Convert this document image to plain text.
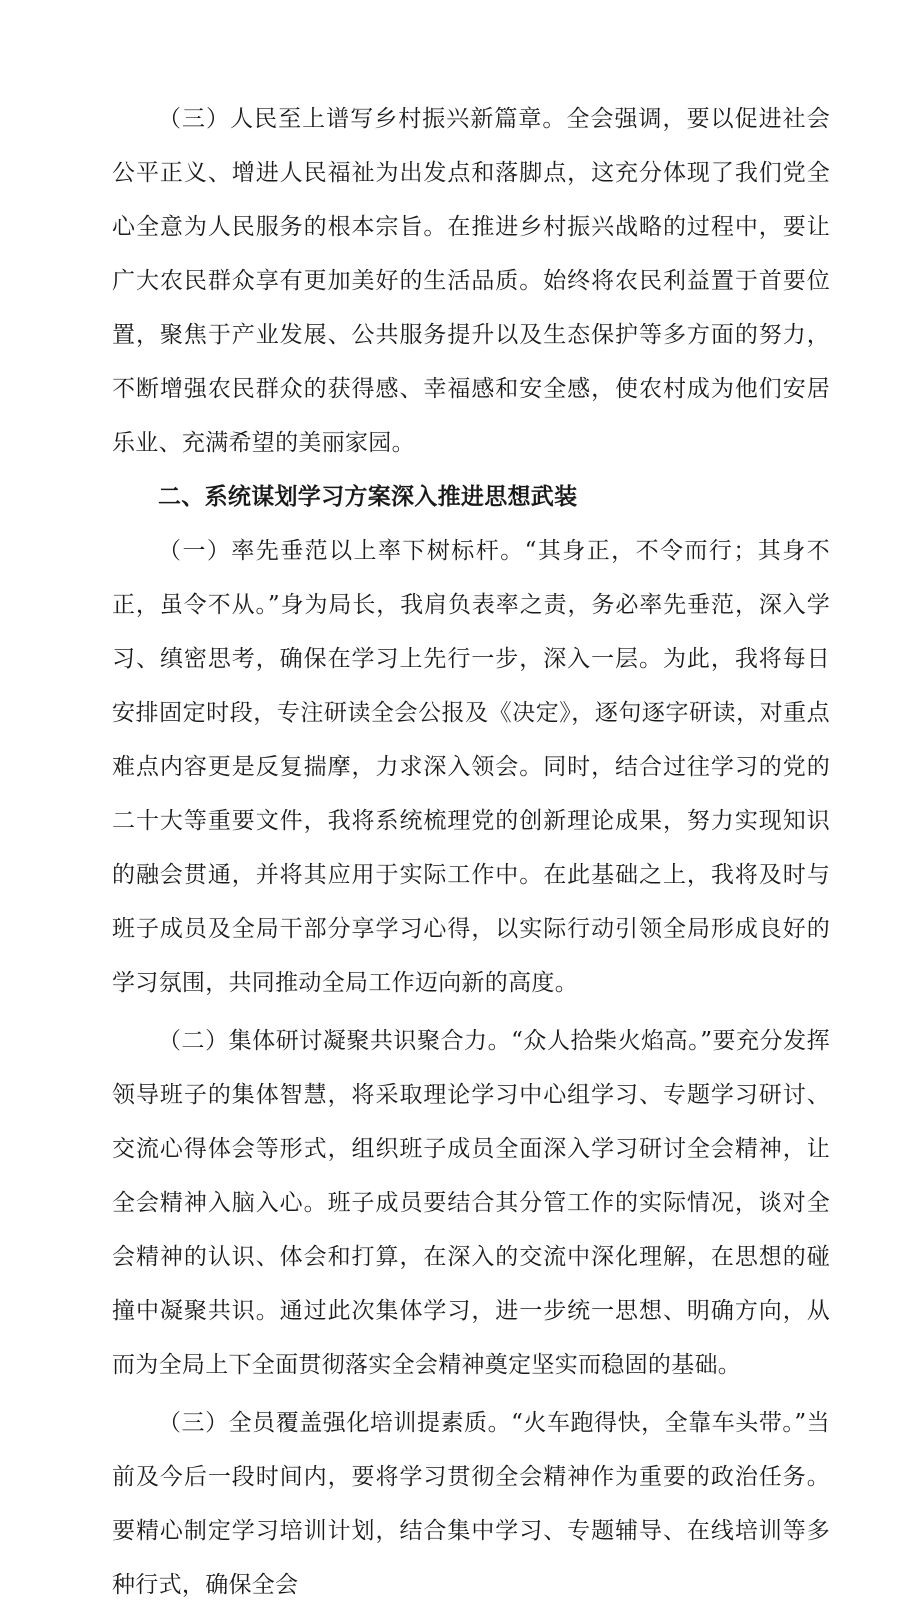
（三）人民至上谱写乡村振兴新篇章。全会强调，要以促进社会公平正义、增进人民福祉为出发点和落脚点，这充分体现了我们党全心全意为人民服务的根本宗旨。在推进乡村振兴战略的过程中，要让广大农民群众享有更加美好的生活品质。始终将农民利益置于首要位置，聚焦于产业发展、公共服务提升以及生态保护等多方面的努力，不断增强农民群众的获得感、幸福感和安全感，使农村成为他们安居乐业、充满希望的美丽家园。

二、系统谋划学习方案深入推进思想武装

（一）率先垂范以上率下树标杆。“其身正，不令而行；其身不正，虽令不从。”身为局长，我肩负表率之责，务必率先垂范，深入学习、缜密思考，确保在学习上先行一步，深入一层。为此，我将每日安排固定时段，专注研读全会公报及《决定》，逐句逐字研读，对重点难点内容更是反复揣摩，力求深入领会。同时，结合过往学习的党的二十大等重要文件，我将系统梳理党的创新理论成果，努力实现知识的融会贯通，并将其应用于实际工作中。在此基础之上，我将及时与班子成员及全局干部分享学习心得，以实际行动引领全局形成良好的学习氛围，共同推动全局工作迈向新的高度。

（二）集体研讨凝聚共识聚合力。“众人拾柴火焰高。”要充分发挥领导班子的集体智慧，将采取理论学习中心组学习、专题学习研讨、交流心得体会等形式，组织班子成员全面深入学习研讨全会精神，让全会精神入脑入心。班子成员要结合其分管工作的实际情况，谈对全会精神的认识、体会和打算，在深入的交流中深化理解，在思想的碰撞中凝聚共识。通过此次集体学习，进一步统一思想、明确方向，从而为全局上下全面贯彻落实全会精神奠定坚实而稳固的基础。

（三）全员覆盖强化培训提素质。“火车跑得快，全靠车头带。”当前及今后一段时间内，要将学习贯彻全会精神作为重要的政治任务。要精心制定学习培训计划，结合集中学习、专题辅导、在线培训等多种行式，确保全会
